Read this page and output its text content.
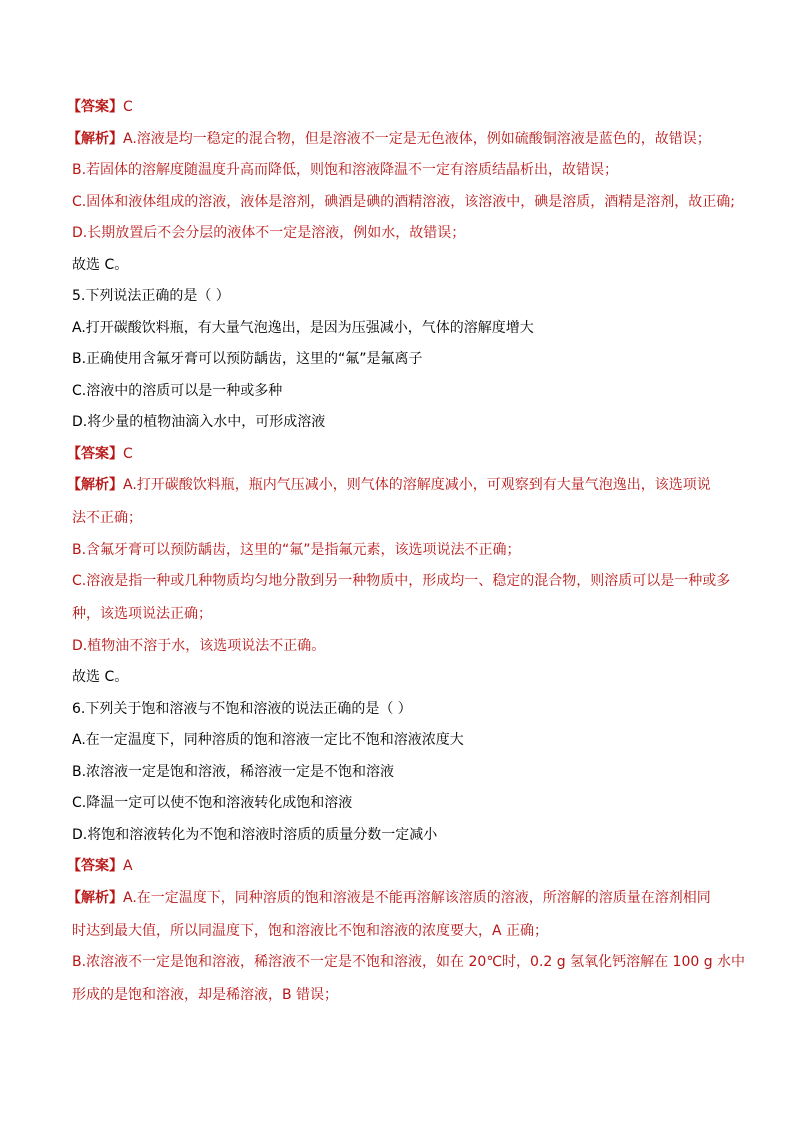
【答案】C

【解析】A.溶液是均一稳定的混合物，但是溶液不一定是无色液体，例如硫酸铜溶液是蓝色的，故错误；

B.若固体的溶解度随温度升高而降低，则饱和溶液降温不一定有溶质结晶析出，故错误；

C.固体和液体组成的溶液，液体是溶剂，碘酒是碘的酒精溶液，该溶液中，碘是溶质，酒精是溶剂，故正确;

D.长期放置后不会分层的液体不一定是溶液，例如水，故错误；

故选 C。

5.下列说法正确的是（ ）

A.打开碳酸饮料瓶，有大量气泡逸出，是因为压强减小，气体的溶解度增大

B.正确使用含氟牙膏可以预防龋齿，这里的“氟”是氟离子

C.溶液中的溶质可以是一种或多种

D.将少量的植物油滴入水中，可形成溶液

【答案】C

【解析】A.打开碳酸饮料瓶，瓶内气压减小，则气体的溶解度减小，可观察到有大量气泡逸出，该选项说

法不正确；

B.含氟牙膏可以预防龋齿，这里的“氟”是指氟元素，该选项说法不正确；

C.溶液是指一种或几种物质均匀地分散到另一种物质中，形成均一、稳定的混合物，则溶质可以是一种或多

种，该选项说法正确；

D.植物油不溶于水，该选项说法不正确。

故选 C。

6.下列关于饱和溶液与不饱和溶液的说法正确的是（ ）

A.在一定温度下，同种溶质的饱和溶液一定比不饱和溶液浓度大

B.浓溶液一定是饱和溶液，稀溶液一定是不饱和溶液

C.降温一定可以使不饱和溶液转化成饱和溶液

D.将饱和溶液转化为不饱和溶液时溶质的质量分数一定减小

【答案】A

【解析】A.在一定温度下，同种溶质的饱和溶液是不能再溶解该溶质的溶液，所溶解的溶质量在溶剂相同

时达到最大值，所以同温度下，饱和溶液比不饱和溶液的浓度要大，A 正确；

B.浓溶液不一定是饱和溶液，稀溶液不一定是不饱和溶液，如在 20℃时，0.2 g 氢氧化钙溶解在 100 g 水中

形成的是饱和溶液，却是稀溶液，B 错误；
